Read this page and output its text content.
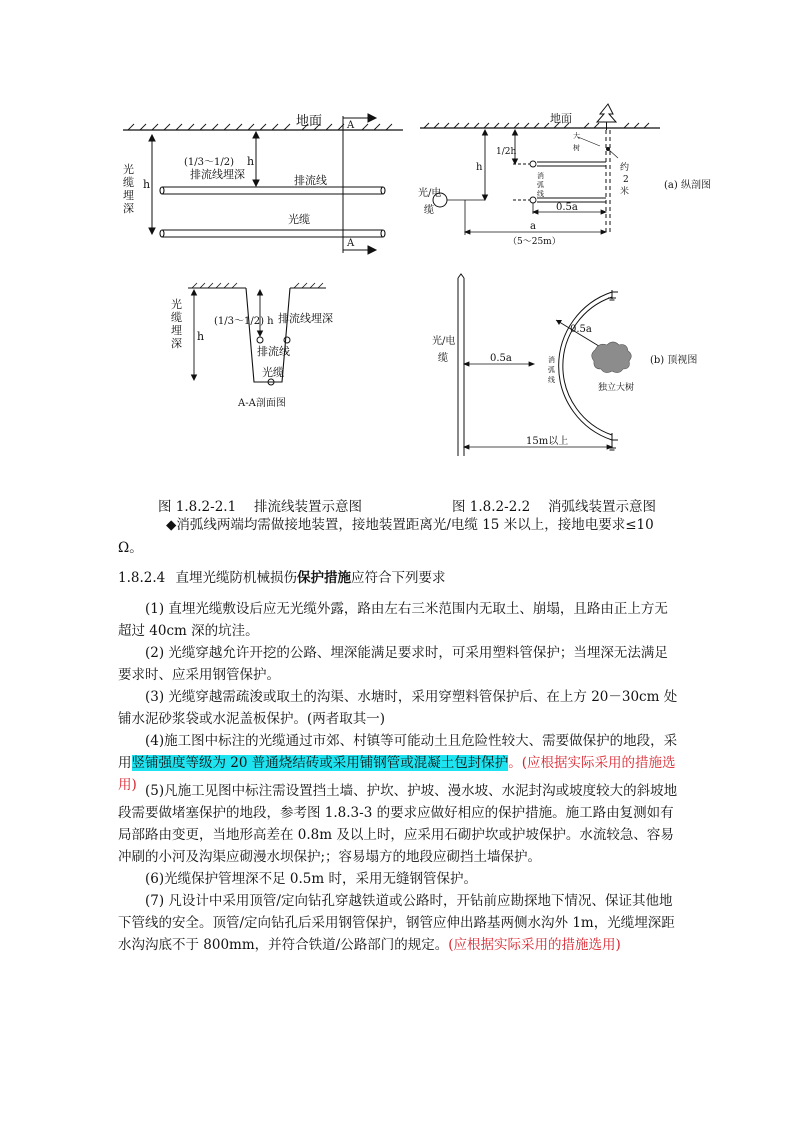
地面 A
A
(1/3～1/2) h
排流线埋深
h
光
缆
埋
深
排流线
光缆
地面
大
树
约
2
米
h
1/2h
消
弧
线
光/电
缆	0.5a
a
（5～25m）
(a) 纵剖图
光
缆
埋
深
h
(1/3～1/2) h 排流线埋深
排流线
光缆
A-A剖面图
光/电
缆	消
弧
线
0.5a
独立大树
0.5a
15m以上
(b) 顶视图
图 1.8.2-2.1　 排流线装置示意图	图 1.8.2-2.2　 消弧线装置示意图
◆消弧线两端均需做接地装置，接地装置距离光/电缆 15 米以上，接地电要求≤10
Ω。
1.8.2.4 直埋光缆防机械损伤保护措施应符合下列要求

(1) 直埋光缆敷设后应无光缆外露，路由左右三米范围内无取土、崩塌，且路由正上方无超过 40cm 深的坑洼。

(2) 光缆穿越允许开挖的公路、埋深能满足要求时，可采用塑料管保护；当埋深无法满足要求时、应采用钢管保护。

(3) 光缆穿越需疏浚或取土的沟渠、水塘时，采用穿塑料管保护后、在上方 20－30cm 处铺水泥砂浆袋或水泥盖板保护。(两者取其一)

(4)施工图中标注的光缆通过市郊、村镇等可能动土且危险性较大、需要做保护的地段，采用竖铺强度等级为 20 普通烧结砖或采用铺钢管或混凝土包封保护。(应根据实际采用的措施选用) (5)凡施工见图中标注需设置挡土墙、护坎、护坡、漫水坡、水泥封沟或坡度较大的斜坡地段需要做堵塞保护的地段，参考图 1.8.3-3 的要求应做好相应的保护措施。施工路由复测如有局部路由变更，当地形高差在 0.8m 及以上时，应采用石砌护坎或护坡保护。水流较急、容易冲刷的小河及沟渠应砌漫水坝保护;；容易塌方的地段应砌挡土墙保护。

(6)光缆保护管埋深不足 0.5m 时，采用无缝钢管保护。

(7) 凡设计中采用顶管/定向钻孔穿越铁道或公路时，开钻前应勘探地下情况、保证其他地下管线的安全。顶管/定向钻孔后采用钢管保护，钢管应伸出路基两侧水沟外 1m，光缆埋深距水沟沟底不于 800mm，并符合铁道/公路部门的规定。(应根据实际采用的措施选用)
